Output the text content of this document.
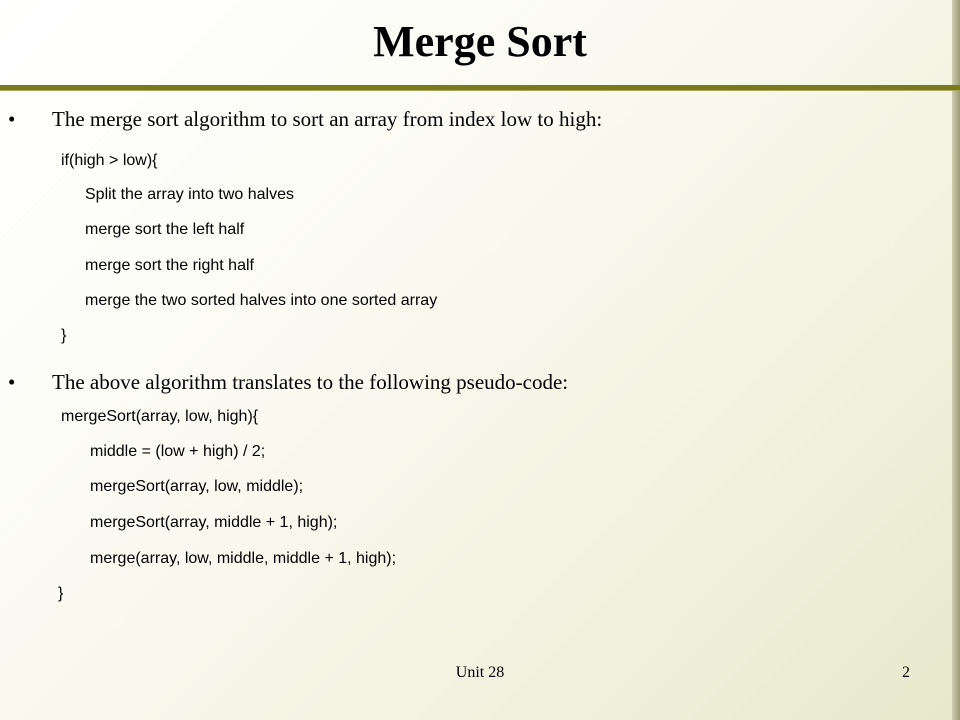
Merge Sort
• The merge sort algorithm to sort an array from index low to high:
if(high > low){
Split the array into two halves
merge sort the left half
merge sort the right half
merge the two sorted halves into one sorted array
}
• The above algorithm translates to the following pseudo-code:
mergeSort(array, low, high){
middle = (low + high) / 2;
mergeSort(array, low, middle);
mergeSort(array, middle + 1, high);
merge(array, low, middle, middle + 1, high);
}
Unit 28	2
